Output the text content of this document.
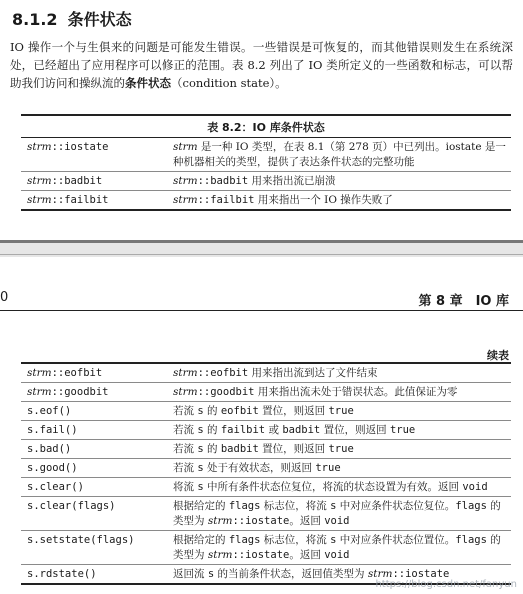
8.1.2 条件状态
IO 操作一个与生俱来的问题是可能发生错误。一些错误是可恢复的，而其他错误则发生在系统深处，已经超出了应用程序可以修正的范围。表 8.2 列出了 IO 类所定义的一些函数和标志，可以帮助我们访问和操纵流的条件状态（condition state）。
表 8.2：IO 库条件状态
strm::iostate	strm 是一种 IO 类型，在表 8.1（第 278 页）中已列出。iostate 是一种机器相关的类型，提供了表达条件状态的完整功能
strm::badbit	strm::badbit 用来指出流已崩溃
strm::failbit	strm::failbit 用来指出一个 IO 操作失败了
0	第 8 章　IO 库
续表
strm::eofbit	strm::eofbit 用来指出流到达了文件结束
strm::goodbit	strm::goodbit 用来指出流未处于错误状态。此值保证为零
s.eof()	若流 s 的 eofbit 置位，则返回 true
s.fail()	若流 s 的 failbit 或 badbit 置位，则返回 true
s.bad()	若流 s 的 badbit 置位，则返回 true
s.good()	若流 s 处于有效状态，则返回 true
s.clear()	将流 s 中所有条件状态位复位，将流的状态设置为有效。返回 void
s.clear(flags)	根据给定的 flags 标志位，将流 s 中对应条件状态位复位。flags 的类型为 strm::iostate。返回 void
s.setstate(flags)	根据给定的 flags 标志位，将流 s 中对应条件状态位置位。flags 的类型为 strm::iostate。返回 void
s.rdstate()	返回流 s 的当前条件状态，返回值类型为 strm::iostate
https://blog.csdn.net/fanyun
